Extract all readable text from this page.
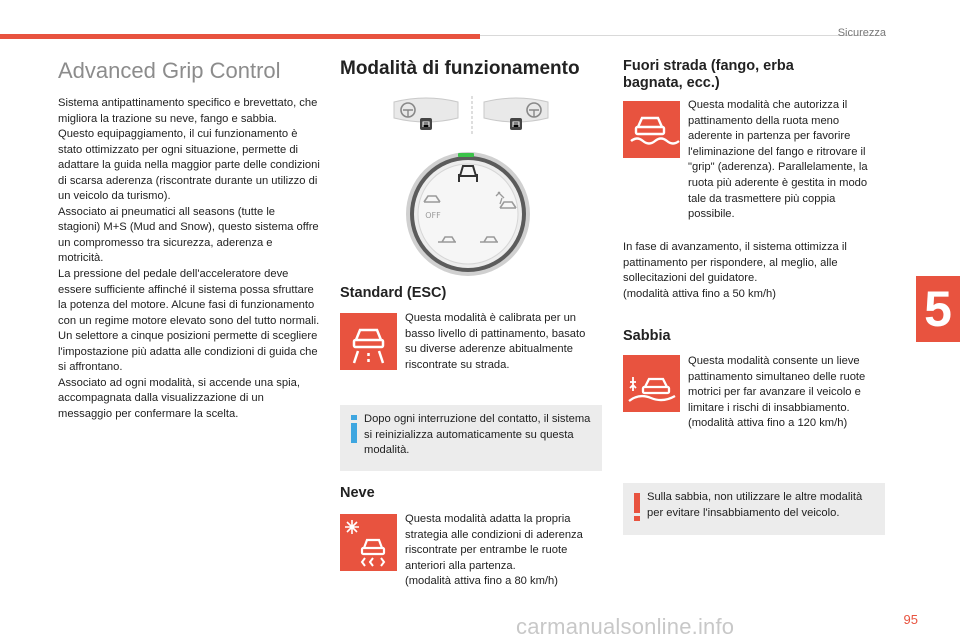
Sicurezza
5
Advanced Grip Control
Sistema antipattinamento specifico e brevettato, che migliora la trazione su neve, fango e sabbia.
Questo equipaggiamento, il cui funzionamento è stato ottimizzato per ogni situazione, permette di adattare la guida nella maggior parte delle condizioni di scarsa aderenza (riscontrate durante un utilizzo di un veicolo da turismo).
Associato ai pneumatici all seasons (tutte le stagioni) M+S (Mud and Snow), questo sistema offre un compromesso tra sicurezza, aderenza e motricità.
La pressione del pedale dell'acceleratore deve essere sufficiente affinché il sistema possa sfruttare la potenza del motore. Alcune fasi di funzionamento con un regime motore elevato sono del tutto normali.
Un selettore a cinque posizioni permette di scegliere l'impostazione più adatta alle condizioni di guida che si affrontano.
Associato ad ogni modalità, si accende una spia, accompagnata dalla visualizzazione di un messaggio per confermare la scelta.
Modalità di funzionamento
OFF
Standard (ESC)
Questa modalità è calibrata per un basso livello di pattinamento, basato su diverse aderenze abitualmente riscontrate su strada.
Dopo ogni interruzione del contatto, il sistema si reinizializza automaticamente su questa modalità.
Neve
Questa modalità adatta la propria strategia alle condizioni di aderenza riscontrate per entrambe le ruote anteriori alla partenza.
(modalità attiva fino a 80 km/h)
Fuori strada (fango, erba bagnata, ecc.)
Questa modalità che autorizza il pattinamento della ruota meno aderente in partenza per favorire l'eliminazione del fango e ritrovare il "grip" (aderenza). Parallelamente, la ruota più aderente è gestita in modo tale da trasmettere più coppia possibile.
In fase di avanzamento, il sistema ottimizza il pattinamento per rispondere, al meglio, alle sollecitazioni del guidatore.
(modalità attiva fino a 50 km/h)
Sabbia
Questa modalità consente un lieve pattinamento simultaneo delle ruote motrici per far avanzare il veicolo e limitare i rischi di insabbiamento.
(modalità attiva fino a 120 km/h)
Sulla sabbia, non utilizzare le altre modalità per evitare l'insabbiamento del veicolo.
carmanualsonline.info	95
